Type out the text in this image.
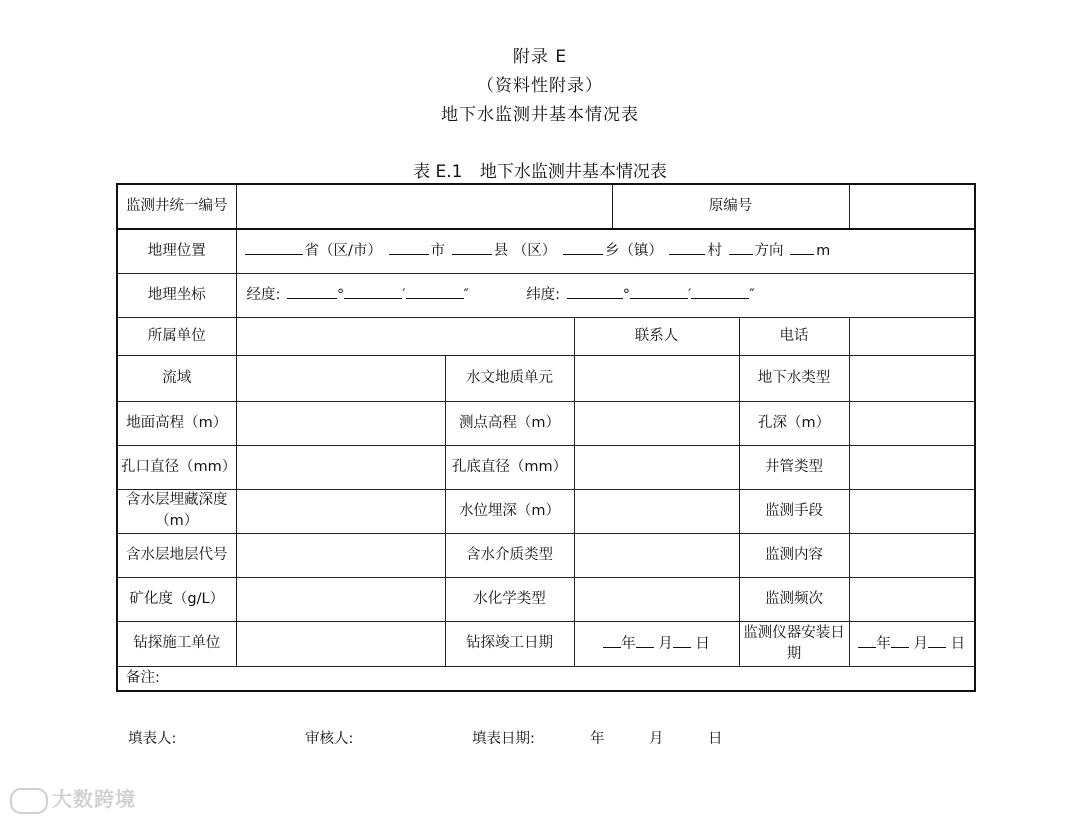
附录 E
（资料性附录）
地下水监测井基本情况表
表 E.1 地下水监测井基本情况表
监测井统一编号				原编号		
地理位置	省（区/市） 市 县 （区） 乡（镇） 村 方向 m					
地理坐标	经度: ° ′ ″ 纬度: ° ′ ″					
所属单位			联系人		电话	
流域		水文地质单元			地下水类型	
地面高程（m）		测点高程（m）			孔深（m）	
孔口直径（mm）		孔底直径（mm）			井管类型	
含水层埋藏深度（m）		水位埋深（m）			监测手段	
含水层地层代号		含水介质类型			监测内容	
矿化度（g/L）		水化学类型			监测频次	
钻探施工单位		钻探竣工日期	年 月 日		监测仪器安装日期	年 月 日
备注:						
填表人:	审核人:	填表日期:	年	月	日
大数跨境
